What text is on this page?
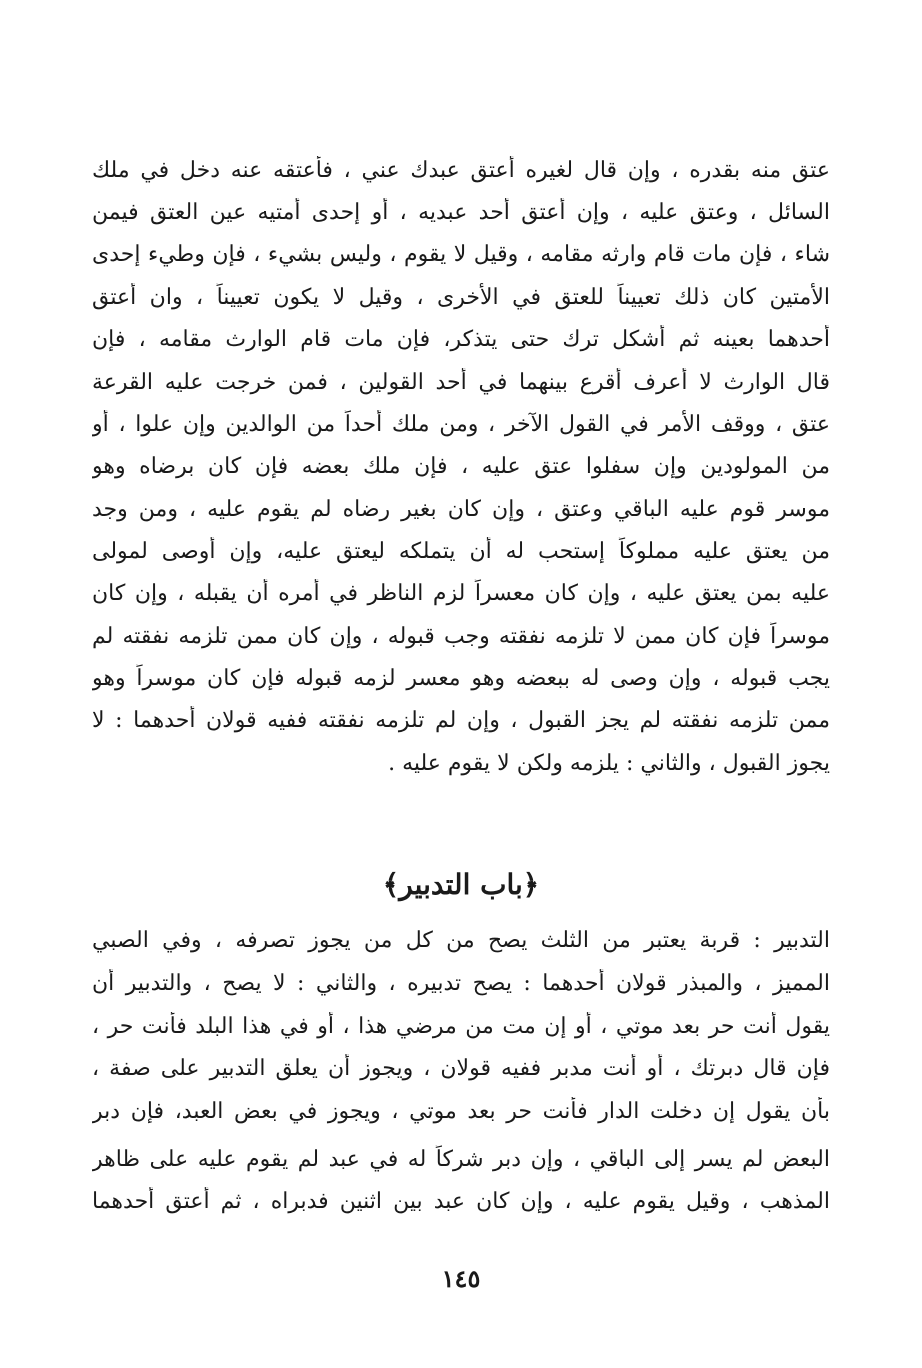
عتق منه بقدره ، وإن قال لغيره أعتق عبدك عني ، فأعتقه عنه دخل في ملك
السائل ، وعتق عليه ، وإن أعتق أحد عبديه ، أو إحدى أمتيه عين العتق فيمن
شاء ، فإن مات قام وارثه مقامه ، وقيل لا يقوم ، وليس بشيء ، فإن وطيء إحدى
الأمتين كان ذلك تعييناً للعتق في الأخرى ، وقيل لا يكون تعييناً ، وان أعتق
أحدهما بعينه ثم أشكل ترك حتى يتذكر، فإن مات قام الوارث مقامه ، فإن
قال الوارث لا أعرف أقرع بينهما في أحد القولين ، فمن خرجت عليه القرعة
عتق ، ووقف الأمر في القول الآخر ، ومن ملك أحداً من الوالدين وإن علوا ، أو
من المولودين وإن سفلوا عتق عليه ، فإن ملك بعضه فإن كان برضاه وهو
موسر قوم عليه الباقي وعتق ، وإن كان بغير رضاه لم يقوم عليه ، ومن وجد
من يعتق عليه مملوكاً إستحب له أن يتملكه ليعتق عليه، وإن أوصى لمولى
عليه بمن يعتق عليه ، وإن كان معسراً لزم الناظر في أمره أن يقبله ، وإن كان
موسراً فإن كان ممن لا تلزمه نفقته وجب قبوله ، وإن كان ممن تلزمه نفقته لم
يجب قبوله ، وإن وصى له ببعضه وهو معسر لزمه قبوله فإن كان موسراً وهو
ممن تلزمه نفقته لم يجز القبول ، وإن لم تلزمه نفقته ففيه قولان أحدهما : لا
يجوز القبول ، والثاني : يلزمه ولكن لا يقوم عليه .
﴿باب التدبير﴾
التدبير : قربة يعتبر من الثلث يصح من كل من يجوز تصرفه ، وفي الصبي
المميز ، والمبذر قولان أحدهما : يصح تدبيره ، والثاني : لا يصح ، والتدبير أن
يقول أنت حر بعد موتي ، أو إن مت من مرضي هذا ، أو في هذا البلد فأنت حر ،
فإن قال دبرتك ، أو أنت مدبر ففيه قولان ، ويجوز أن يعلق التدبير على صفة ،
بأن يقول إن دخلت الدار فأنت حر بعد موتي ، ويجوز في بعض العبد، فإن دبر
البعض لم يسر إلى الباقي ، وإن دبر شركاً له في عبد لم يقوم عليه على ظاهر
المذهب ، وقيل يقوم عليه ، وإن كان عبد بين اثنين فدبراه ، ثم أعتق أحدهما
١٤٥
